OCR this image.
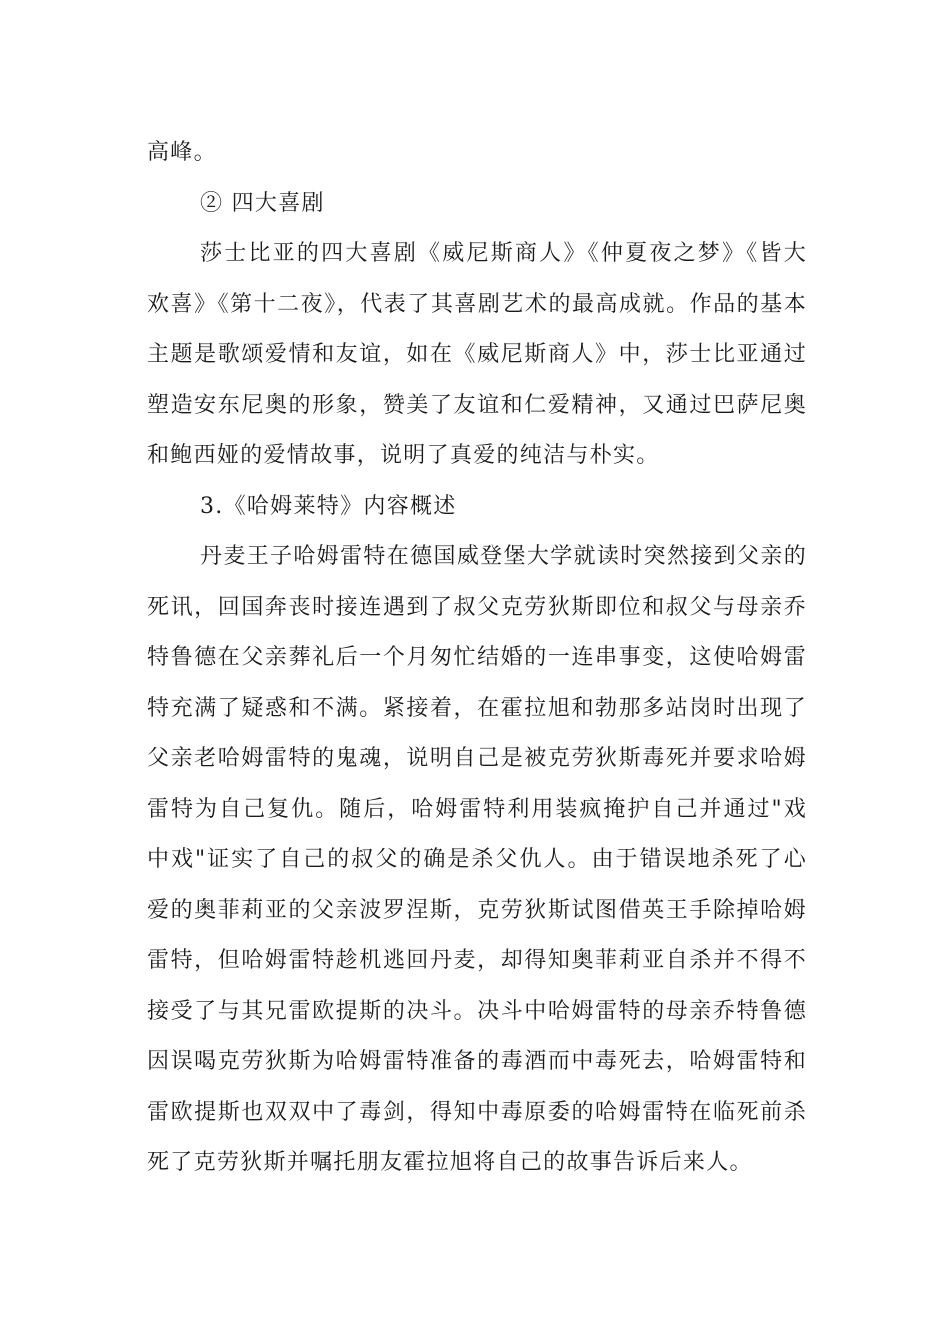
高峰。

② 四大喜剧

莎士比亚的四大喜剧《威尼斯商人》《仲夏夜之梦》《皆大欢喜》《第十二夜》，代表了其喜剧艺术的最高成就。作品的基本主题是歌颂爱情和友谊，如在《威尼斯商人》中，莎士比亚通过塑造安东尼奥的形象，赞美了友谊和仁爱精神，又通过巴萨尼奥和鲍西娅的爱情故事，说明了真爱的纯洁与朴实。

3.《哈姆莱特》内容概述

丹麦王子哈姆雷特在德国威登堡大学就读时突然接到父亲的死讯，回国奔丧时接连遇到了叔父克劳狄斯即位和叔父与母亲乔特鲁德在父亲葬礼后一个月匆忙结婚的一连串事变，这使哈姆雷特充满了疑惑和不满。紧接着，在霍拉旭和勃那多站岗时出现了父亲老哈姆雷特的鬼魂，说明自己是被克劳狄斯毒死并要求哈姆雷特为自己复仇。随后，哈姆雷特利用装疯掩护自己并通过"戏中戏"证实了自己的叔父的确是杀父仇人。由于错误地杀死了心爱的奥菲莉亚的父亲波罗涅斯，克劳狄斯试图借英王手除掉哈姆雷特，但哈姆雷特趁机逃回丹麦，却得知奥菲莉亚自杀并不得不接受了与其兄雷欧提斯的决斗。决斗中哈姆雷特的母亲乔特鲁德因误喝克劳狄斯为哈姆雷特准备的毒酒而中毒死去，哈姆雷特和雷欧提斯也双双中了毒剑，得知中毒原委的哈姆雷特在临死前杀死了克劳狄斯并嘱托朋友霍拉旭将自己的故事告诉后来人。
